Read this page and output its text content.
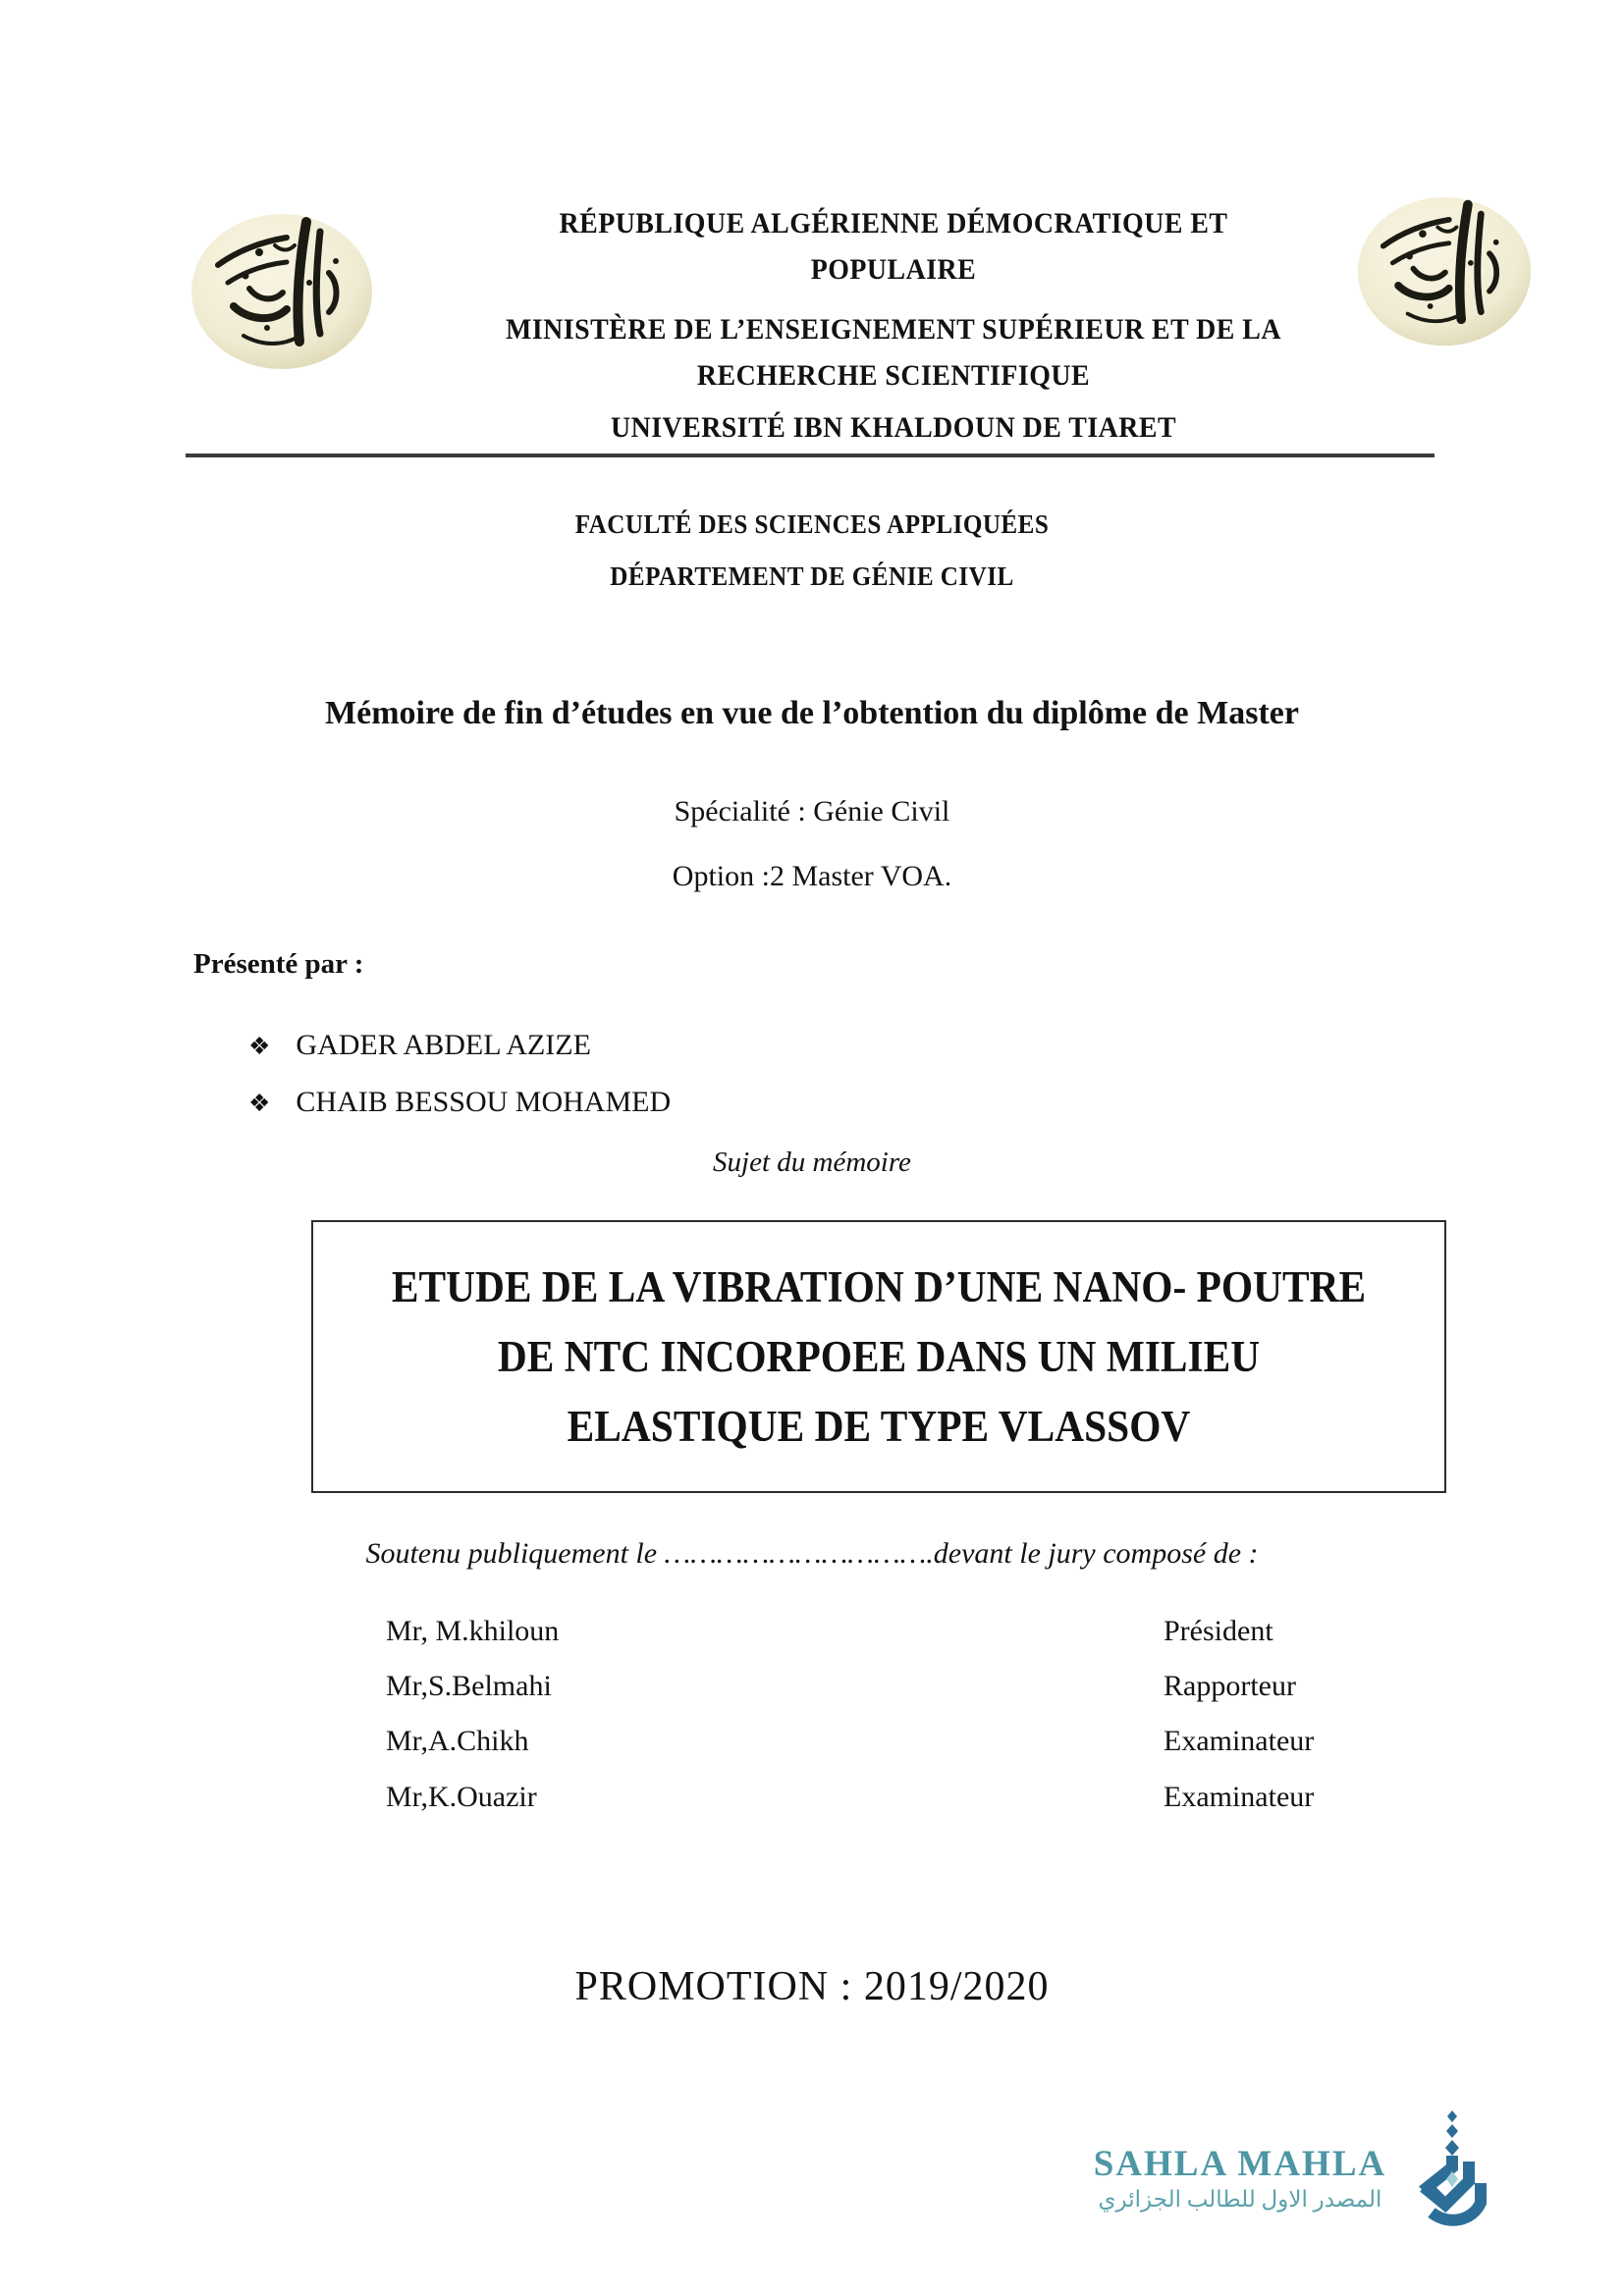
RÉPUBLIQUE ALGÉRIENNE DÉMOCRATIQUE ET
POPULAIRE
MINISTÈRE DE L’ENSEIGNEMENT SUPÉRIEUR ET DE LA
RECHERCHE SCIENTIFIQUE
UNIVERSITÉ IBN KHALDOUN DE TIARET
FACULTÉ DES SCIENCES APPLIQUÉES
DÉPARTEMENT DE GÉNIE CIVIL
Mémoire de fin d’études en vue de l’obtention du diplôme de Master
Spécialité : Génie Civil
Option :2 Master VOA.
Présenté par :
❖ GADER ABDEL AZIZE
❖ CHAIB BESSOU MOHAMED
Sujet du mémoire
ETUDE DE LA VIBRATION D’UNE NANO- POUTRE
DE NTC INCORPOEE DANS UN MILIEU
ELASTIQUE DE TYPE VLASSOV
Soutenu publiquement le ………………………….devant le jury composé de :
Mr, M.khiloun	Président
Mr,S.Belmahi	Rapporteur
Mr,A.Chikh	Examinateur
Mr,K.Ouazir	Examinateur
PROMOTION : 2019/2020
SAHLA MAHLA
المصدر الاول للطالب الجزائري
